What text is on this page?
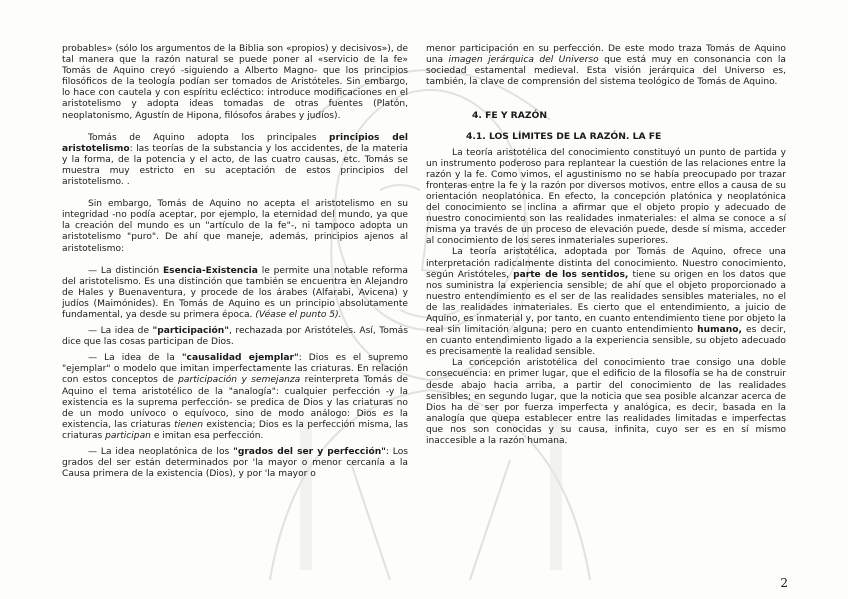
probables» (sólo los argumentos de la Biblia son «propios) y decisivos»), de tal manera que la razón natural se puede poner al «servicio de la fe» Tomás de Aquino creyó -siguiendo a Alberto Magno- que los principios filosóficos de la teología podían ser tomados de Aristóteles. Sin embargo, lo hace con cautela y con espíritu ecléctico: introduce modificaciones en el aristotelismo y adopta ideas tomadas de otras fuentes (Platón, neoplatonismo, Agustín de Hipona, filósofos árabes y judíos).

Tomás de Aquino adopta los principales principios del aristotelismo: las teorías de la substancia y los accidentes, de la materia y la forma, de la potencia y el acto, de las cuatro causas, etc. Tomás se muestra muy estricto en su aceptación de estos principios del aristotelismo. .

Sin embargo, Tomás de Aquino no acepta el aristotelismo en su integridad -no podía aceptar, por ejemplo, la eternidad del mundo, ya que la creación del mundo es un "artículo de la fe"-, ni tampoco adopta un aristotelismo "puro". De ahí que maneje, además, principios ajenos al aristotelismo:

— La distinción Esencia-Existencia le permite una notable reforma del aristotelismo. Es una distinción que también se encuentra en Alejandro de Hales y Buenaventura, y procede de los árabes (Alfarabi, Avicena) y judíos (Maimónides). En Tomás de Aquino es un principio absolutamente fundamental, ya desde su primera época. (Véase el punto 5).

— La idea de "participación", rechazada por Aristóteles. Así, Tomás dice que las cosas participan de Dios.

— La idea de la "causalidad ejemplar": Dios es el supremo "ejemplar" o modelo que imitan imperfectamente las criaturas. En relación con estos conceptos de participación y semejanza reinterpreta Tomás de Aquino el tema aristotélico de la "analogía": cualquier perfección -y la existencia es la suprema perfección- se predica de Dios y las criaturas no de un modo unívoco o equívoco, sino de modo análogo: Dios es la existencia, las criaturas tienen existencia; Dios es la perfección misma, las criaturas participan e imitan esa perfección.

— La idea neoplatónica de los "grados del ser y perfección": Los grados del ser están determinados por 'la mayor o menor cercanía a la Causa primera de la existencia (Dios), y por 'la mayor o

menor participación en su perfección. De este modo traza Tomás de Aquino una imagen jerárquica del Universo que está muy en consonancia con la sociedad estamental medieval. Esta visión jerárquica del Universo es, también, la clave de comprensión del sistema teológico de Tomás de Aquino.

4. FE Y RAZÓN
4.1. LOS LÍMITES DE LA RAZÓN. LA FE

La teoría aristotélica del conocimiento constituyó un punto de partida y un instrumento poderoso para replantear la cuestión de las relaciones entre la razón y la fe. Como vimos, el agustinismo no se había preocupado por trazar fronteras entre la fe y la razón por diversos motivos, entre ellos a causa de su orientación neoplatónica. En efecto, la concepción platónica y neoplatónica del conocimiento se inclina a afirmar que el objeto propio y adecuado de nuestro conocimiento son las realidades inmateriales: el alma se conoce a sí misma ya través de un proceso de elevación puede, desde sí misma, acceder al conocimiento de los seres inmateriales superiores.

La teoría aristotélica, adoptada por Tomás de Aquino, ofrece una interpretación radicalmente distinta del conocimiento. Nuestro conocimiento, según Aristóteles, parte de los sentidos, tiene su origen en los datos que nos suministra la experiencia sensible; de ahí que el objeto proporcionado a nuestro entendimiento es el ser de las realidades sensibles materiales, no el de las realidades inmateriales. Es cierto que el entendimiento, a juicio de Aquino, es inmaterial y, por tanto, en cuanto entendimiento tiene por objeto la real sin limitación alguna; pero en cuanto entendimiento humano, es decir, en cuanto entendimiento ligado a la experiencia sensible, su objeto adecuado es precisamente la realidad sensible.

La concepción aristotélica del conocimiento trae consigo una doble consecuencia: en primer lugar, que el edificio de la filosofía se ha de construir desde abajo hacia arriba, a partir del conocimiento de las realidades sensibles; en segundo lugar, que la noticia que sea posible alcanzar acerca de Dios ha de ser por fuerza imperfecta y analógica, es decir, basada en la analogía que quepa establecer entre las realidades limitadas e imperfectas que nos son conocidas y su causa, infinita, cuyo ser es en sí mismo inaccesible a la razón humana.

2
